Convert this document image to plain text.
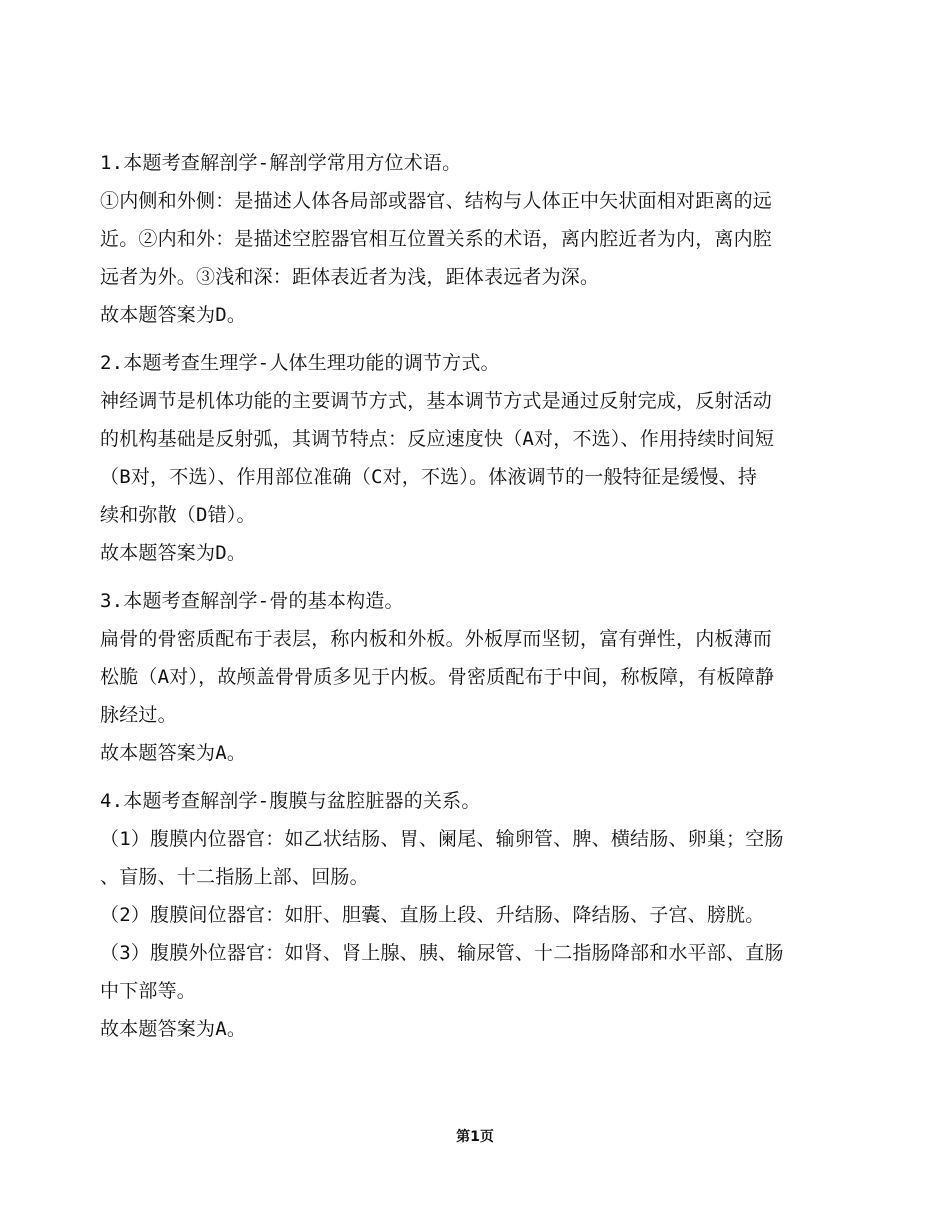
1.本题考查解剖学-解剖学常用方位术语。
①内侧和外侧：是描述人体各局部或器官、结构与人体正中矢状面相对距离的远
近。②内和外：是描述空腔器官相互位置关系的术语，离内腔近者为内，离内腔
远者为外。③浅和深：距体表近者为浅，距体表远者为深。
故本题答案为D。
2.本题考查生理学-人体生理功能的调节方式。
神经调节是机体功能的主要调节方式，基本调节方式是通过反射完成，反射活动
的机构基础是反射弧，其调节特点：反应速度快（A对，不选）、作用持续时间短
（B对，不选）、作用部位准确（C对，不选）。体液调节的一般特征是缓慢、持
续和弥散（D错）。
故本题答案为D。
3.本题考查解剖学-骨的基本构造。
扁骨的骨密质配布于表层，称内板和外板。外板厚而坚韧，富有弹性，内板薄而
松脆（A对），故颅盖骨骨质多见于内板。骨密质配布于中间，称板障，有板障静
脉经过。
故本题答案为A。
4.本题考查解剖学-腹膜与盆腔脏器的关系。
（1）腹膜内位器官：如乙状结肠、胃、阑尾、输卵管、脾、横结肠、卵巢；空肠
、盲肠、十二指肠上部、回肠。
（2）腹膜间位器官：如肝、胆囊、直肠上段、升结肠、降结肠、子宫、膀胱。
（3）腹膜外位器官：如肾、肾上腺、胰、输尿管、十二指肠降部和水平部、直肠
中下部等。
故本题答案为A。
第1页
